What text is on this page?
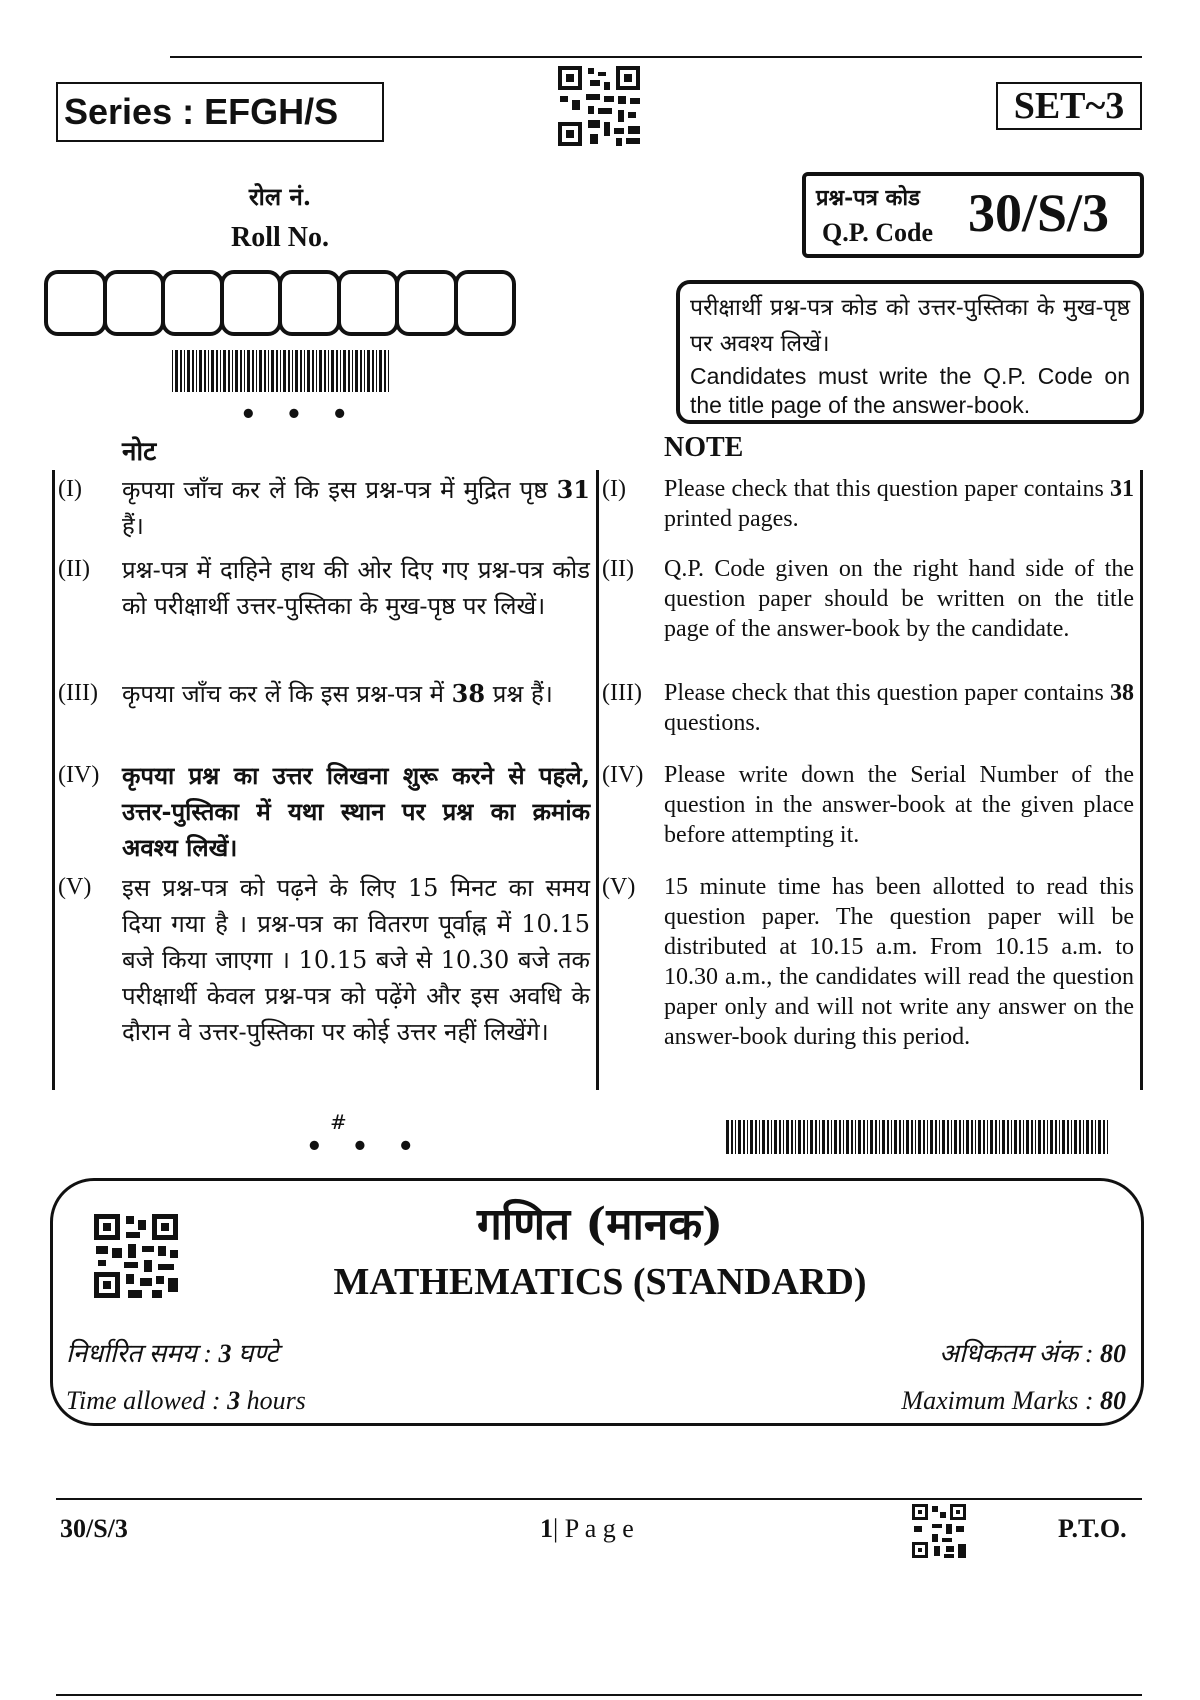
Series : EFGH/S	SET~3
रोल नं.
Roll No.
• • •
प्रश्न-पत्र कोड
Q.P. Code 30/S/3
परीक्षार्थी प्रश्न-पत्र कोड को उत्तर-पुस्तिका के मुख-पृष्ठ पर अवश्य लिखें।
Candidates must write the Q.P. Code on the title page of the answer-book.
नोट	NOTE
(I) कृपया जाँच कर लें कि इस प्रश्न-पत्र में मुद्रित पृष्ठ 31 हैं।
(I) Please check that this question paper contains 31 printed pages.
(II) प्रश्न-पत्र में दाहिने हाथ की ओर दिए गए प्रश्न-पत्र कोड को परीक्षार्थी उत्तर-पुस्तिका के मुख-पृष्ठ पर लिखें।
(II) Q.P. Code given on the right hand side of the question paper should be written on the title page of the answer-book by the candidate.
(III) कृपया जाँच कर लें कि इस प्रश्न-पत्र में 38 प्रश्न हैं।	(III) Please check that this question paper contains 38 questions.
(IV) कृपया प्रश्न का उत्तर लिखना शुरू करने से पहले, उत्तर-पुस्तिका में यथा स्थान पर प्रश्न का क्रमांक अवश्य लिखें।
(IV) Please write down the Serial Number of the question in the answer-book at the given place before attempting it.
(V) इस प्रश्न-पत्र को पढ़ने के लिए 15 मिनट का समय दिया गया है । प्रश्न-पत्र का वितरण पूर्वाह्न में 10.15 बजे किया जाएगा । 10.15 बजे से 10.30 बजे तक परीक्षार्थी केवल प्रश्न-पत्र को पढ़ेंगे और इस अवधि के दौरान वे उत्तर-पुस्तिका पर कोई उत्तर नहीं लिखेंगे।
(V) 15 minute time has been allotted to read this question paper. The question paper will be distributed at 10.15 a.m. From 10.15 a.m. to 10.30 a.m., the candidates will read the question paper only and will not write any answer on the answer-book during this period.
#
• • •
गणित (मानक)
MATHEMATICS (STANDARD)
निर्धारित समय : 3 घण्टे	अधिकतम अंक : 80
Time allowed : 3 hours	Maximum Marks : 80
30/S/3	1| P a g e	P.T.O.
